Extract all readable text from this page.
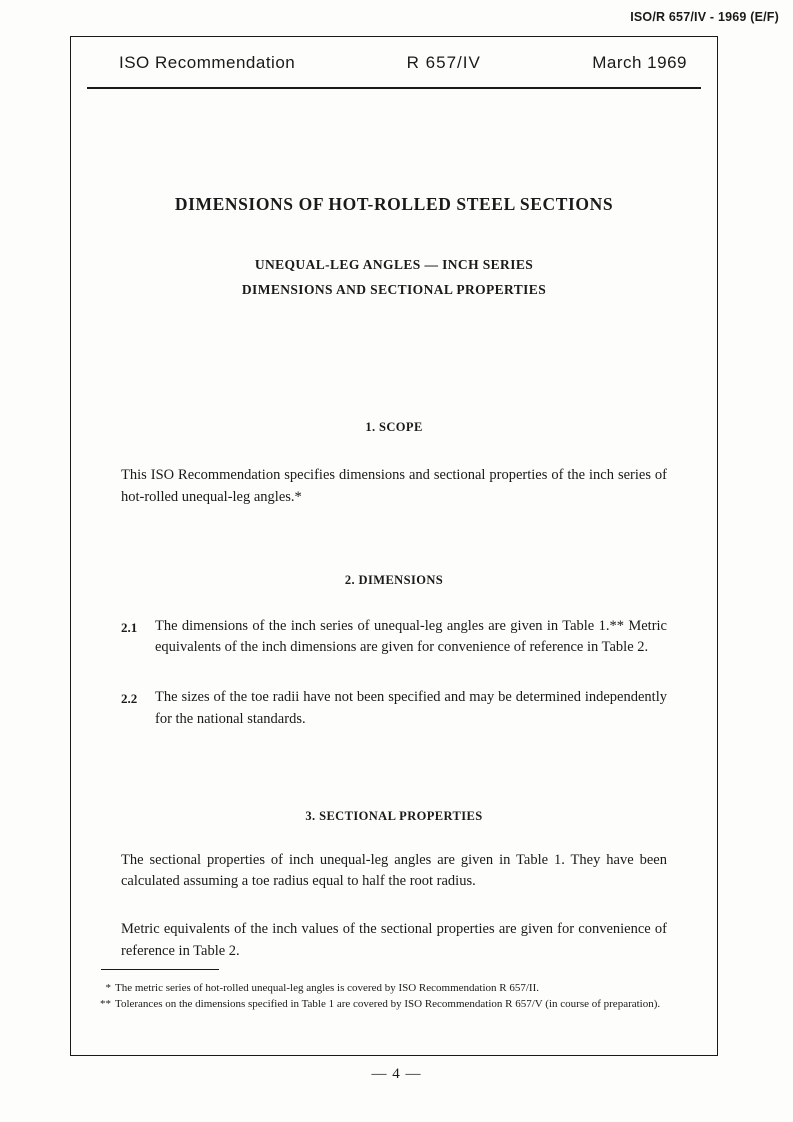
ISO/R 657/IV - 1969 (E/F)
ISO Recommendation	R 657/IV	March 1969
DIMENSIONS OF HOT-ROLLED STEEL SECTIONS
UNEQUAL-LEG ANGLES — INCH SERIES
DIMENSIONS AND SECTIONAL PROPERTIES
1. SCOPE
This ISO Recommendation specifies dimensions and sectional properties of the inch series of hot-rolled unequal-leg angles.*
2. DIMENSIONS
2.1	The dimensions of the inch series of unequal-leg angles are given in Table 1.** Metric equivalents of the inch dimensions are given for convenience of reference in Table 2.
2.2	The sizes of the toe radii have not been specified and may be determined independently for the national standards.
3. SECTIONAL PROPERTIES
The sectional properties of inch unequal-leg angles are given in Table 1. They have been calculated assuming a toe radius equal to half the root radius.
Metric equivalents of the inch values of the sectional properties are given for convenience of reference in Table 2.
* The metric series of hot-rolled unequal-leg angles is covered by ISO Recommendation R 657/II.
** Tolerances on the dimensions specified in Table 1 are covered by ISO Recommendation R 657/V (in course of preparation).
— 4 —
